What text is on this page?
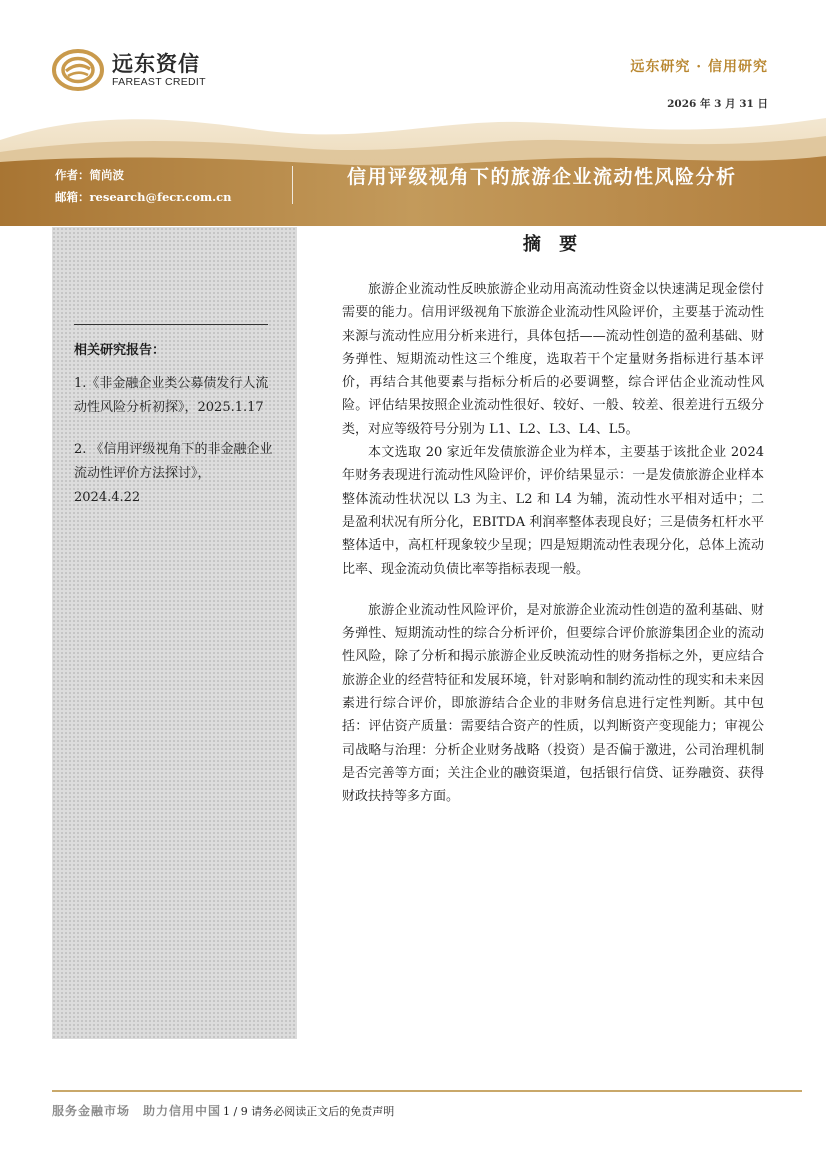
远东资信
FAREAST CREDIT
远东研究 · 信用研究
2026 年 3 月 31 日
作者：简尚波
邮箱：research@fecr.com.cn
信用评级视角下的旅游企业流动性风险分析
相关研究报告：
1.《非金融企业类公募债发行人流动性风险分析初探》，2025.1.17
2. 《信用评级视角下的非金融企业流动性评价方法探讨》，2024.4.22
摘 要

旅游企业流动性反映旅游企业动用高流动性资金以快速满足现金偿付需要的能力。信用评级视角下旅游企业流动性风险评价，主要基于流动性来源与流动性应用分析来进行，具体包括——流动性创造的盈利基础、财务弹性、短期流动性这三个维度，选取若干个定量财务指标进行基本评价，再结合其他要素与指标分析后的必要调整，综合评估企业流动性风险。评估结果按照企业流动性很好、较好、一般、较差、很差进行五级分类，对应等级符号分别为 L1、L2、L3、L4、L5。

本文选取 20 家近年发债旅游企业为样本，主要基于该批企业 2024 年财务表现进行流动性风险评价，评价结果显示：一是发债旅游企业样本整体流动性状况以 L3 为主、L2 和 L4 为辅，流动性水平相对适中；二是盈利状况有所分化，EBITDA 利润率整体表现良好；三是债务杠杆水平整体适中，高杠杆现象较少呈现；四是短期流动性表现分化，总体上流动比率、现金流动负债比率等指标表现一般。

旅游企业流动性风险评价，是对旅游企业流动性创造的盈利基础、财务弹性、短期流动性的综合分析评价，但要综合评价旅游集团企业的流动性风险，除了分析和揭示旅游企业反映流动性的财务指标之外，更应结合旅游企业的经营特征和发展环境，针对影响和制约流动性的现实和未来因素进行综合评价，即旅游结合企业的非财务信息进行定性判断。其中包括：评估资产质量：需要结合资产的性质，以判断资产变现能力；审视公司战略与治理：分析企业财务战略（投资）是否偏于激进，公司治理机制是否完善等方面；关注企业的融资渠道，包括银行信贷、证券融资、获得财政扶持等多方面。

服务金融市场　助力信用中国 1 / 9 请务必阅读正文后的免责声明
